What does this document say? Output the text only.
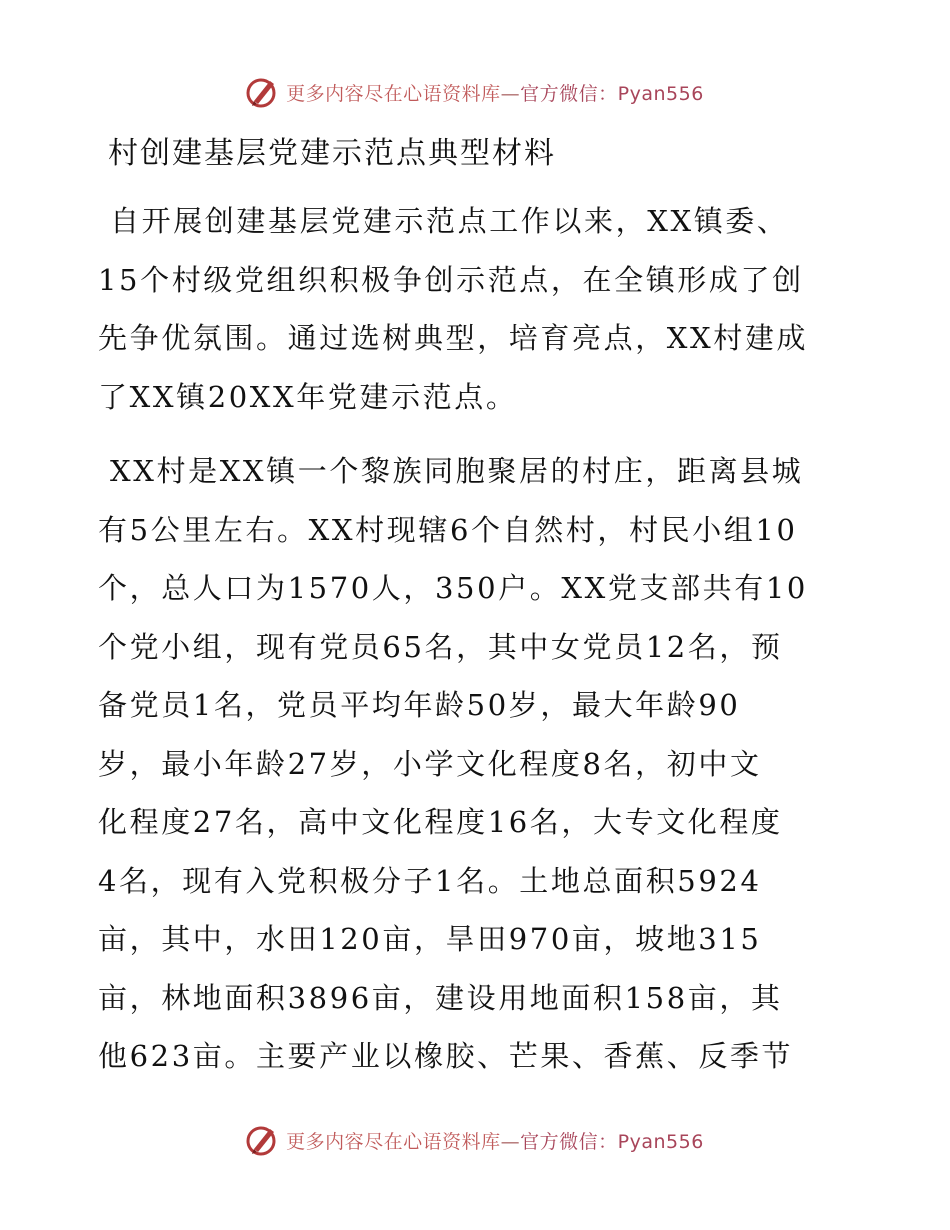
更多内容尽在心语资料库—官方微信：Pyan556
村创建基层党建示范点典型材料
自开展创建基层党建示范点工作以来，XX镇委、
15个村级党组织积极争创示范点，在全镇形成了创
先争优氛围。通过选树典型，培育亮点，XX村建成
了XX镇20XX年党建示范点。
XX村是XX镇一个黎族同胞聚居的村庄，距离县城
有5公里左右。XX村现辖6个自然村，村民小组10
个，总人口为1570人，350户。XX党支部共有10
个党小组，现有党员65名，其中女党员12名，预
备党员1名，党员平均年龄50岁，最大年龄90
岁，最小年龄27岁，小学文化程度8名，初中文
化程度27名，高中文化程度16名，大专文化程度
4名，现有入党积极分子1名。土地总面积5924
亩，其中，水田120亩，旱田970亩，坡地315
亩，林地面积3896亩，建设用地面积158亩，其
他623亩。主要产业以橡胶、芒果、香蕉、反季节
更多内容尽在心语资料库—官方微信：Pyan556
